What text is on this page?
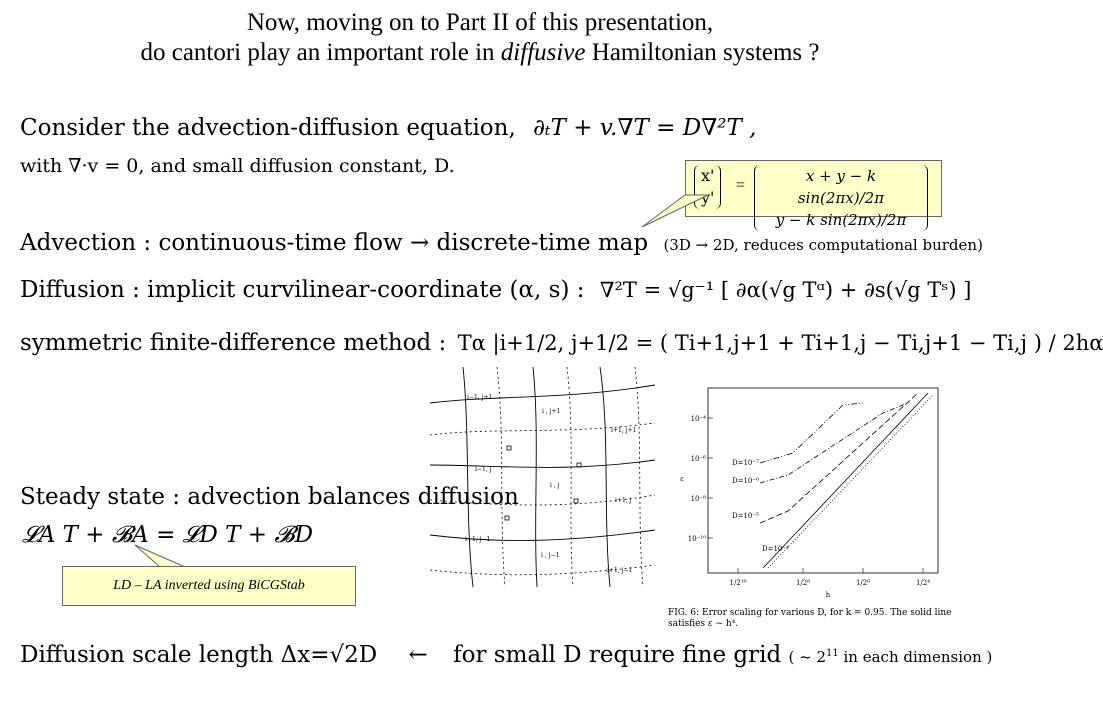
Now, moving on to Part II of this presentation,
do cantori play an important role in diffusive Hamiltonian systems ?
Consider the advection-diffusion equation, ∂ₜT + v.∇T = D∇²T ,
with ∇·v = 0, and small diffusion constant, D.	x'
y'
=
x + y − k sin(2πx)/2π
y − k sin(2πx)/2π
Advection : continuous-time flow → discrete-time map (3D → 2D, reduces computational burden)
Diffusion : implicit curvilinear-coordinate (α, s) : ∇²T = √g⁻¹ [ ∂α(√g Tᵅ) + ∂s(√g Tˢ) ]
symmetric finite-difference method : Tα |i+1/2, j+1/2 = ( Ti+1,j+1 + Ti+1,j − Ti,j+1 − Ti,j ) / 2hα
i−1, j+1
i , j+1
i+1, j+1
i−1, j
i , j
i+1, j
i−1, j−1
i , j−1
i+1, j−1
10⁻⁴
10⁻⁶
10⁻⁸
10⁻¹⁰
1/2¹⁰	1/2⁸	1/2⁶	1/2⁴
h
ε
D=10⁻⁷
D=10⁻⁶
D=10⁻⁵
D=10⁻⁴
FIG. 6: Error scaling for various D, for k = 0.95. The solid line satisfies ε ∼ h⁴.
Steady state : advection balances diffusion
𝓛A T + 𝓑A = 𝓛D T + 𝓑D
LD – LA inverted using BiCGStab
Diffusion scale length Δx=√2D ← for small D require fine grid ( ~ $2^{11}$ in each dimension )
